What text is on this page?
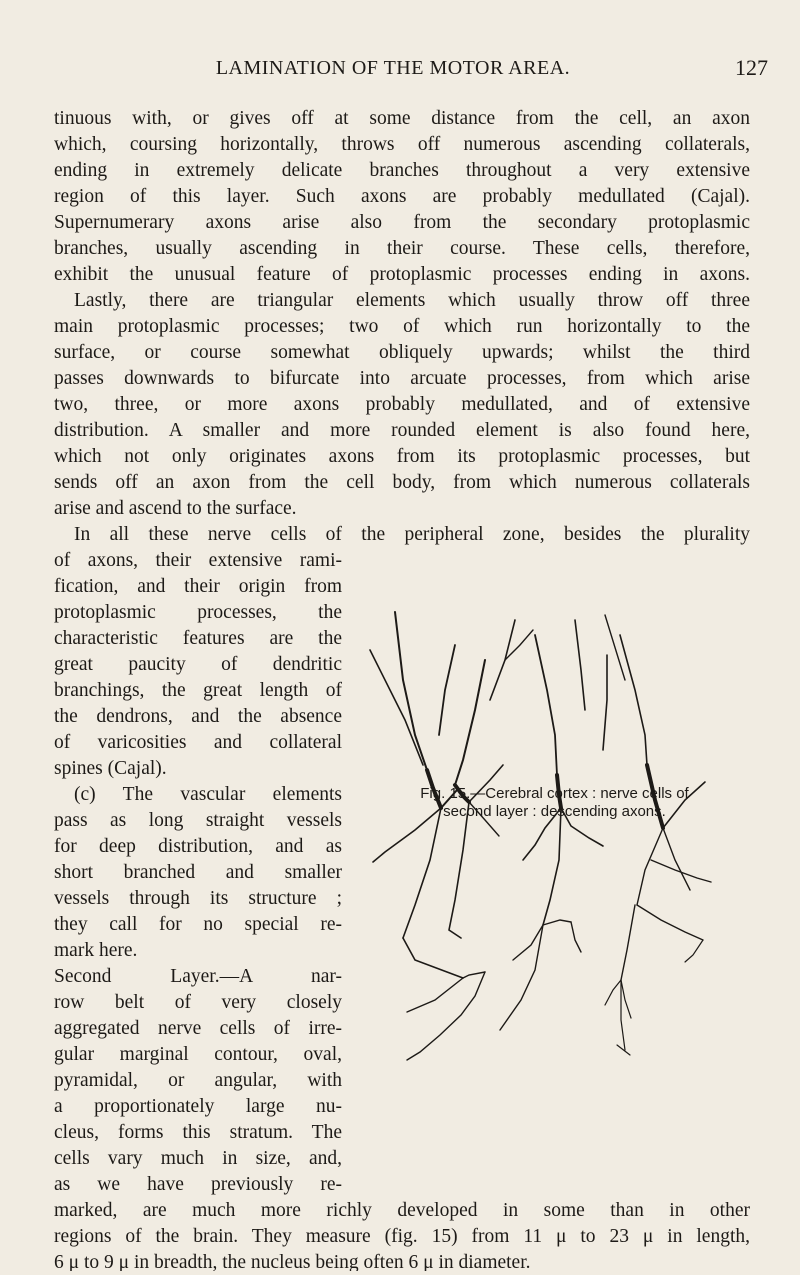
LAMINATION OF THE MOTOR AREA.	127
tinuous with, or gives off at some distance from the cell, an axon
which, coursing horizontally, throws off numerous ascending collaterals,
ending in extremely delicate branches throughout a very extensive
region of this layer. Such axons are probably medullated (Cajal).
Supernumerary axons arise also from the secondary protoplasmic
branches, usually ascending in their course. These cells, therefore,
exhibit the unusual feature of protoplasmic processes ending in axons.
Lastly, there are triangular elements which usually throw off three
main protoplasmic processes; two of which run horizontally to the
surface, or course somewhat obliquely upwards; whilst the third
passes downwards to bifurcate into arcuate processes, from which arise
two, three, or more axons probably medullated, and of extensive
distribution. A smaller and more rounded element is also found here,
which not only originates axons from its protoplasmic processes, but
sends off an axon from the cell body, from which numerous collaterals
arise and ascend to the surface.
In all these nerve cells of the peripheral zone, besides the plurality
of axons, their extensive rami-
fication, and their origin from
protoplasmic processes, the
characteristic features are the
great paucity of dendritic
branchings, the great length of
the dendrons, and the absence
of varicosities and collateral
spines (Cajal).
(c) The vascular elements
pass as long straight vessels
for deep distribution, and as
short branched and smaller
vessels through its structure ;
they call for no special re-
mark here.
Second Layer.—A nar-
row belt of very closely
aggregated nerve cells of irre-
gular marginal contour, oval,
pyramidal, or angular, with
a proportionately large nu-
cleus, forms this stratum. The
cells vary much in size, and,
as we have previously re-
marked, are much more richly developed in some than in other
regions of the brain. They measure (fig. 15) from 11 μ to 23 μ in length,
6 μ to 9 μ in breadth, the nucleus being often 6 μ in diameter.
Fig. 15.—Cerebral cortex : nerve cells of
second layer : descending axons.
